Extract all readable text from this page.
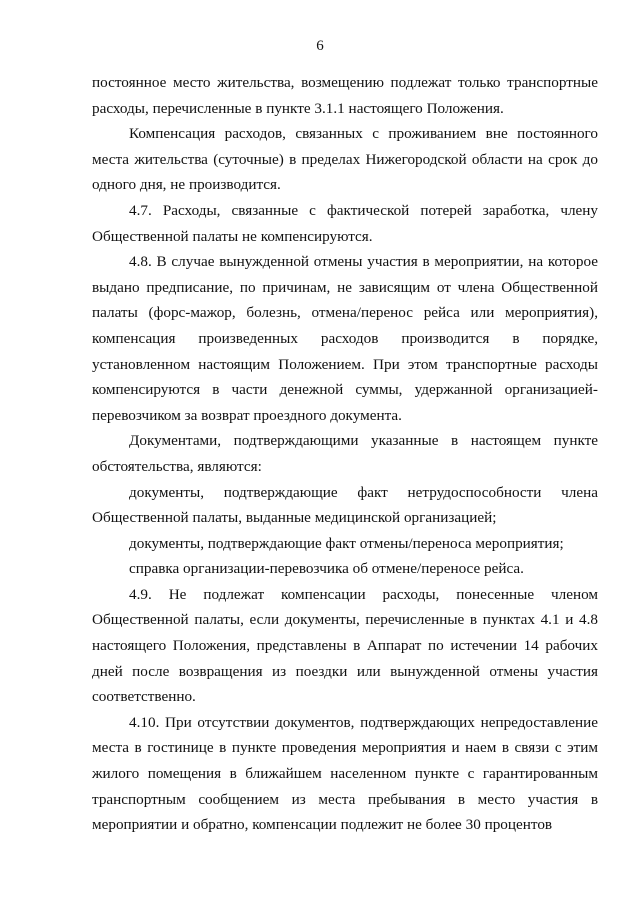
6

постоянное место жительства, возмещению подлежат только транспортные расходы, перечисленные в пункте 3.1.1 настоящего Положения.

Компенсация расходов, связанных с проживанием вне постоянного места жительства (суточные) в пределах Нижегородской области на срок до одного дня, не производится.

4.7. Расходы, связанные с фактической потерей заработка, члену Общественной палаты не компенсируются.

4.8. В случае вынужденной отмены участия в мероприятии, на которое выдано предписание, по причинам, не зависящим от члена Общественной палаты (форс-мажор, болезнь, отмена/перенос рейса или мероприятия), компенсация произведенных расходов производится в порядке, установленном настоящим Положением. При этом транспортные расходы компенсируются в части денежной суммы, удержанной организацией-перевозчиком за возврат проездного документа.

Документами, подтверждающими указанные в настоящем пункте обстоятельства, являются:

документы, подтверждающие факт нетрудоспособности члена Общественной палаты, выданные медицинской организацией;

документы, подтверждающие факт отмены/переноса мероприятия;

справка организации-перевозчика об отмене/переносе рейса.

4.9. Не подлежат компенсации расходы, понесенные членом Общественной палаты, если документы, перечисленные в пунктах 4.1 и 4.8 настоящего Положения, представлены в Аппарат по истечении 14 рабочих дней после возвращения из поездки или вынужденной отмены участия соответственно.

4.10. При отсутствии документов, подтверждающих непредоставление места в гостинице в пункте проведения мероприятия и наем в связи с этим жилого помещения в ближайшем населенном пункте с гарантированным транспортным сообщением из места пребывания в место участия в мероприятии и обратно, компенсации подлежит не более 30 процентов
